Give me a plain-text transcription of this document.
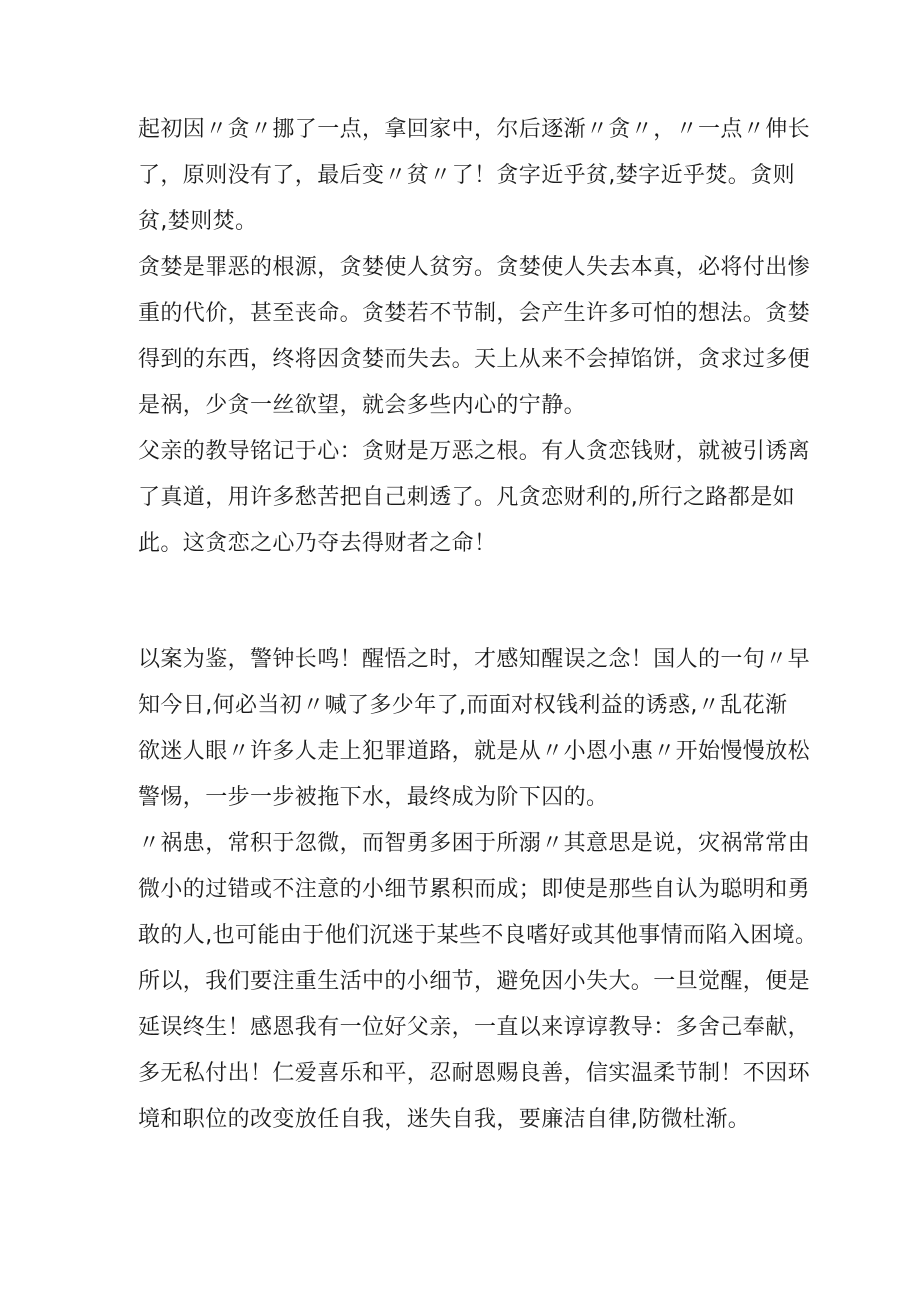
起初因〃贪〃挪了一点，拿回家中，尔后逐渐〃贪〃，〃一点〃伸长
了，原则没有了，最后变〃贫〃了！贪字近乎贫,婪字近乎焚。贪则
贫,婪则焚。

贪婪是罪恶的根源，贪婪使人贫穷。贪婪使人失去本真，必将付出惨
重的代价，甚至丧命。贪婪若不节制，会产生许多可怕的想法。贪婪
得到的东西，终将因贪婪而失去。天上从来不会掉馅饼，贪求过多便
是祸，少贪一丝欲望，就会多些内心的宁静。

父亲的教导铭记于心：贪财是万恶之根。有人贪恋钱财，就被引诱离
了真道，用许多愁苦把自己刺透了。凡贪恋财利的,所行之路都是如
此。这贪恋之心乃夺去得财者之命！

以案为鉴，警钟长鸣！醒悟之时，才感知醒误之念！国人的一句〃早
知今日,何必当初〃喊了多少年了,而面对权钱利益的诱惑,〃乱花渐
欲迷人眼〃许多人走上犯罪道路，就是从〃小恩小惠〃开始慢慢放松
警惕，一步一步被拖下水，最终成为阶下囚的。

〃祸患，常积于忽微，而智勇多困于所溺〃其意思是说，灾祸常常由
微小的过错或不注意的小细节累积而成；即使是那些自认为聪明和勇
敢的人,也可能由于他们沉迷于某些不良嗜好或其他事情而陷入困境。
所以，我们要注重生活中的小细节，避免因小失大。一旦觉醒，便是
延误终生！感恩我有一位好父亲，一直以来谆谆教导：多舍己奉献，
多无私付出！仁爱喜乐和平，忍耐恩赐良善，信实温柔节制！不因环
境和职位的改变放任自我，迷失自我，要廉洁自律,防微杜渐。
